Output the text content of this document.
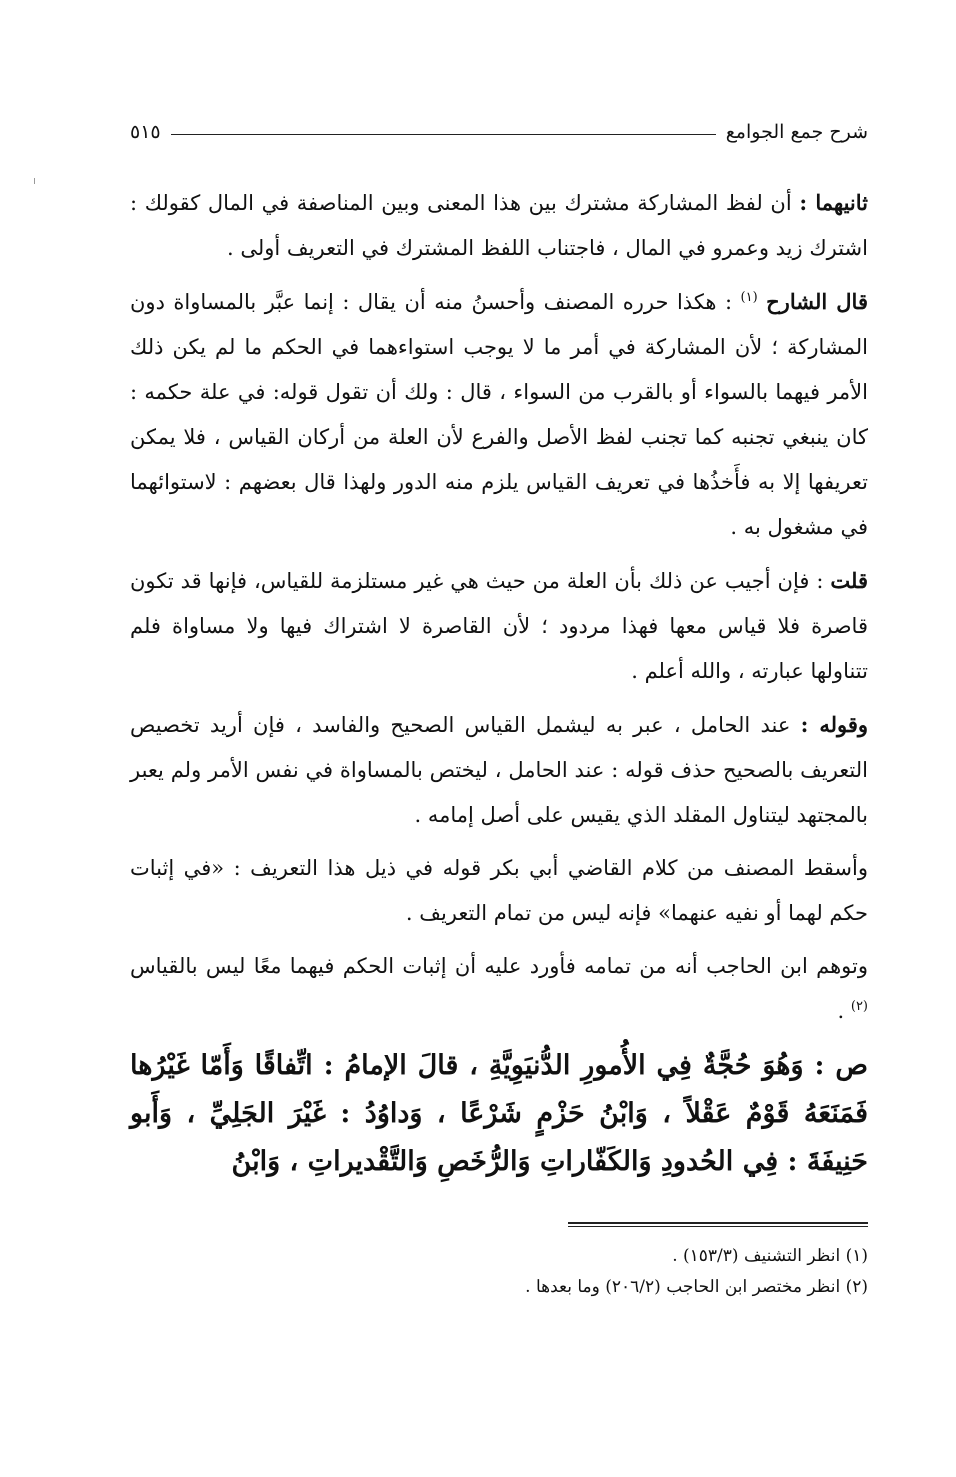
شرح جمع الجوامع
٥١٥

ثانيهما : أن لفظ المشاركة مشترك بين هذا المعنى وبين المناصفة في المال كقولك : اشترك زيد وعمرو في المال ، فاجتناب اللفظ المشترك في التعريف أولى .

قال الشارح $^{(١)}$ : هكذا حرره المصنف وأحسنُ منه أن يقال : إنما عبَّر بالمساواة دون المشاركة ؛ لأن المشاركة في أمر ما لا يوجب استواءهما في الحكم ما لم يكن ذلك الأمر فيهما بالسواء أو بالقرب من السواء ، قال : ولك أن تقول قوله: في علة حكمه : كان ينبغي تجنبه كما تجنب لفظ الأصل والفرع لأن العلة من أركان القياس ، فلا يمكن تعريفها إلا به فأَخذُها في تعريف القياس يلزم منه الدور ولهذا قال بعضهم : لاستوائهما في مشغول به .

قلت : فإن أجيب عن ذلك بأن العلة من حيث هي غير مستلزمة للقياس، فإنها قد تكون قاصرة فلا قياس معها فهذا مردود ؛ لأن القاصرة لا اشتراك فيها ولا مساواة فلم تتناولها عبارته ، والله أعلم .

وقوله : عند الحامل ، عبر به ليشمل القياس الصحيح والفاسد ، فإن أريد تخصيص التعريف بالصحيح حذف قوله : عند الحامل ، ليختص بالمساواة في نفس الأمر ولم يعبر بالمجتهد ليتناول المقلد الذي يقيس على أصل إمامه .

وأسقط المصنف من كلام القاضي أبي بكر قوله في ذيل هذا التعريف : «في إثبات حكم لهما أو نفيه عنهما» فإنه ليس من تمام التعريف .

وتوهم ابن الحاجب أنه من تمامه فأورد عليه أن إثبات الحكم فيهما معًا ليس بالقياس $^{(٢)}$ .

ص : وَهُوَ حُجَّةٌ فِي الأُمورِ الدُّنيَوِيَّةِ ، قالَ الإمامُ : اتِّفاقًا وَأَمّا غَيْرُها فَمَنَعَهُ قَوْمٌ عَقْلاً ، وَابْنُ حَزْمٍ شَرْعًا ، وَداوُدُ : غَيْرَ الجَلِيِّ ، وَأَبو حَنِيفَةَ : فِي الحُدودِ وَالكَفّاراتِ وَالرُّخَصِ وَالتَّقْديراتِ ، وَابْنُ
(١) انظر التشنيف (١٥٣/٣) .
(٢) انظر مختصر ابن الحاجب (٢٠٦/٢) وما بعدها .
